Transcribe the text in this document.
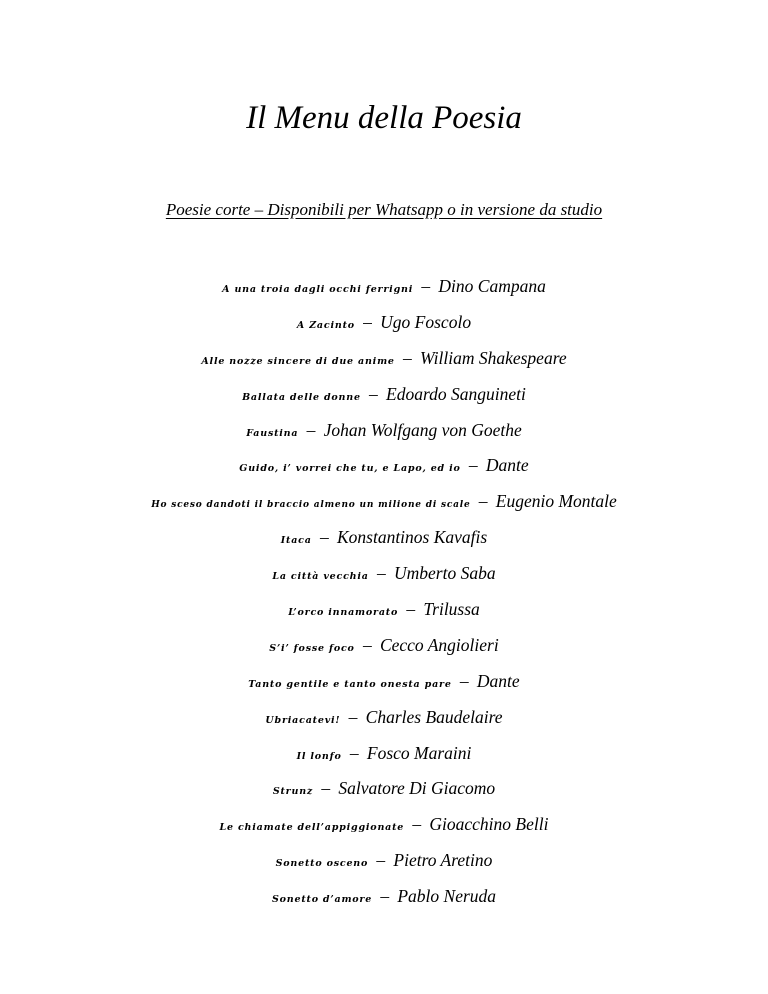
Il Menu della Poesia
Poesie corte – Disponibili per Whatsapp o in versione da studio
A una troia dagli occhi ferrigni – Dino Campana
A Zacinto – Ugo Foscolo
Alle nozze sincere di due anime – William Shakespeare
Ballata delle donne – Edoardo Sanguineti
Faustina – Johan Wolfgang von Goethe
Guido, i’ vorrei che tu, e Lapo, ed io – Dante
Ho sceso dandoti il braccio almeno un milione di scale – Eugenio Montale
Itaca – Konstantinos Kavafis
La città vecchia – Umberto Saba
L’orco innamorato – Trilussa
S’i’ fosse foco – Cecco Angiolieri
Tanto gentile e tanto onesta pare – Dante
Ubriacatevi! – Charles Baudelaire
Il lonfo – Fosco Maraini
Strunz – Salvatore Di Giacomo
Le chiamate dell’appiggionate – Gioacchino Belli
Sonetto osceno – Pietro Aretino
Sonetto d’amore – Pablo Neruda
